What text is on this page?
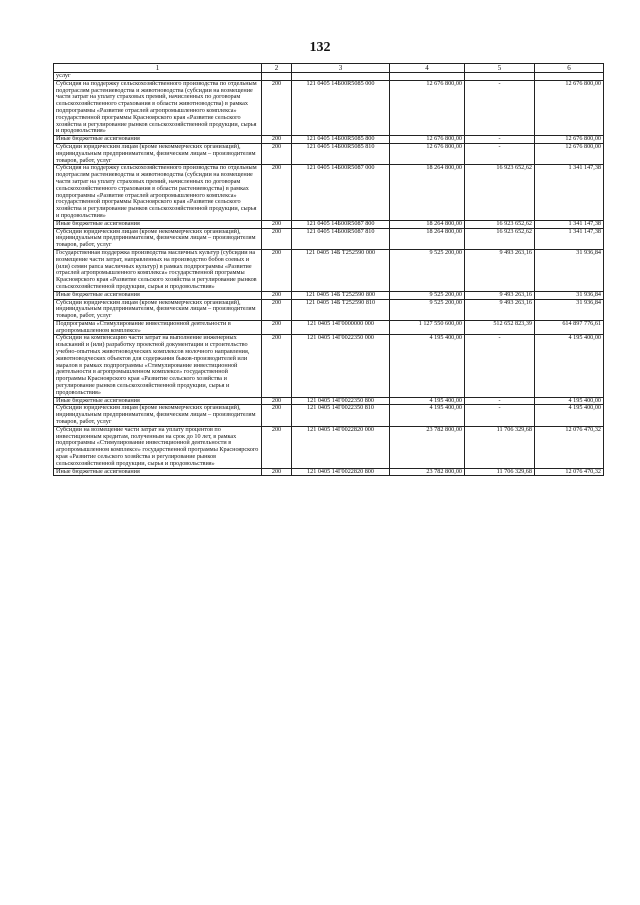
132
1	2	3	4	5	6
услуг					
Субсидия на поддержку сельскохозяйственного производства по отдельным подотраслям растениеводства и животноводства (субсидии на возмещение части затрат на уплату страховых премий, начисленных по договорам сельскохозяйственного страхования в области животноводства) в рамках подпрограммы «Развитие отраслей агропромышленного комплекса» государственной программы Красноярского края «Развитие сельского хозяйства и регулирование рынков сельскохозяйственной продукции, сырья и продовольствия»	200	121 0405 14Б00R5085 000	12 676 800,00	-	12 676 800,00
Иные бюджетные ассигнования	200	121 0405 14Б00R5085 800	12 676 800,00	-	12 676 800,00
Субсидии юридическим лицам (кроме некоммерческих организаций), индивидуальным предпринимателям, физическим лицам – производителям товаров, работ, услуг	200	121 0405 14Б00R5085 810	12 676 800,00	-	12 676 800,00
Субсидия на поддержку сельскохозяйственного производства по отдельным подотраслям растениеводства и животноводства (субсидии на возмещение части затрат на уплату страховых премий, начисленных по договорам сельскохозяйственного страхования в области растениеводства) в рамках подпрограммы «Развитие отраслей агропромышленного комплекса» государственной программы Красноярского края «Развитие сельского хозяйства и регулирование рынков сельскохозяйственной продукции, сырья и продовольствия»	200	121 0405 14Б00R5087 000	18 264 800,00	16 923 652,62	1 341 147,38
Иные бюджетные ассигнования	200	121 0405 14Б00R5087 800	18 264 800,00	16 923 652,62	1 341 147,38
Субсидии юридическим лицам (кроме некоммерческих организаций), индивидуальным предпринимателям, физическим лицам – производителям товаров, работ, услуг	200	121 0405 14Б00R5087 810	18 264 800,00	16 923 652,62	1 341 147,38
Государственная поддержка производства масличных культур (субсидии на возмещение части затрат, направленных на производство бобов соевых и (или) семян рапса масличных культур) в рамках подпрограммы «Развитие отраслей агропромышленного комплекса» государственной программы Красноярского края «Развитие сельского хозяйства и регулирование рынков сельскохозяйственной продукции, сырья и продовольствия»	200	121 0405 14Б Т252590 000	9 525 200,00	9 493 263,16	31 936,84
Иные бюджетные ассигнования	200	121 0405 14Б Т252590 800	9 525 200,00	9 493 263,16	31 936,84
Субсидии юридическим лицам (кроме некоммерческих организаций), индивидуальным предпринимателям, физическим лицам – производителям товаров, работ, услуг	200	121 0405 14Б Т252590 810	9 525 200,00	9 493 263,16	31 936,84
Подпрограмма «Стимулирование инвестиционной деятельности в агропромышленном комплексе»	200	121 0405 14Г0000000 000	1 127 550 600,00	512 652 823,39	614 897 776,61
Субсидии на компенсацию части затрат на выполнение инженерных изысканий и (или) разработку проектной документации и строительство учебно-опытных животноводческих комплексов молочного направления, животноводческих объектов для содержания быков-производителей или маралов в рамках подпрограммы «Стимулирование инвестиционной деятельности в агропромышленном комплексе» государственной программы Красноярского края «Развитие сельского хозяйства и регулирование рынков сельскохозяйственной продукции, сырья и продовольствия»	200	121 0405 14Г0022350 000	4 195 400,00	-	4 195 400,00
Иные бюджетные ассигнования	200	121 0405 14Г0022350 800	4 195 400,00	-	4 195 400,00
Субсидии юридическим лицам (кроме некоммерческих организаций), индивидуальным предпринимателям, физическим лицам – производителям товаров, работ, услуг	200	121 0405 14Г0022350 810	4 195 400,00	-	4 195 400,00
Субсидии на возмещение части затрат на уплату процентов по инвестиционным кредитам, полученным на срок до 10 лет, в рамках подпрограммы «Стимулирование инвестиционной деятельности в агропромышленном комплексе» государственной программы Красноярского края «Развитие сельского хозяйства и регулирование рынков сельскохозяйственной продукции, сырья и продовольствия»	200	121 0405 14Г0022820 000	23 782 800,00	11 706 329,68	12 076 470,32
Иные бюджетные ассигнования	200	121 0405 14Г0022820 800	23 782 800,00	11 706 329,68	12 076 470,32
